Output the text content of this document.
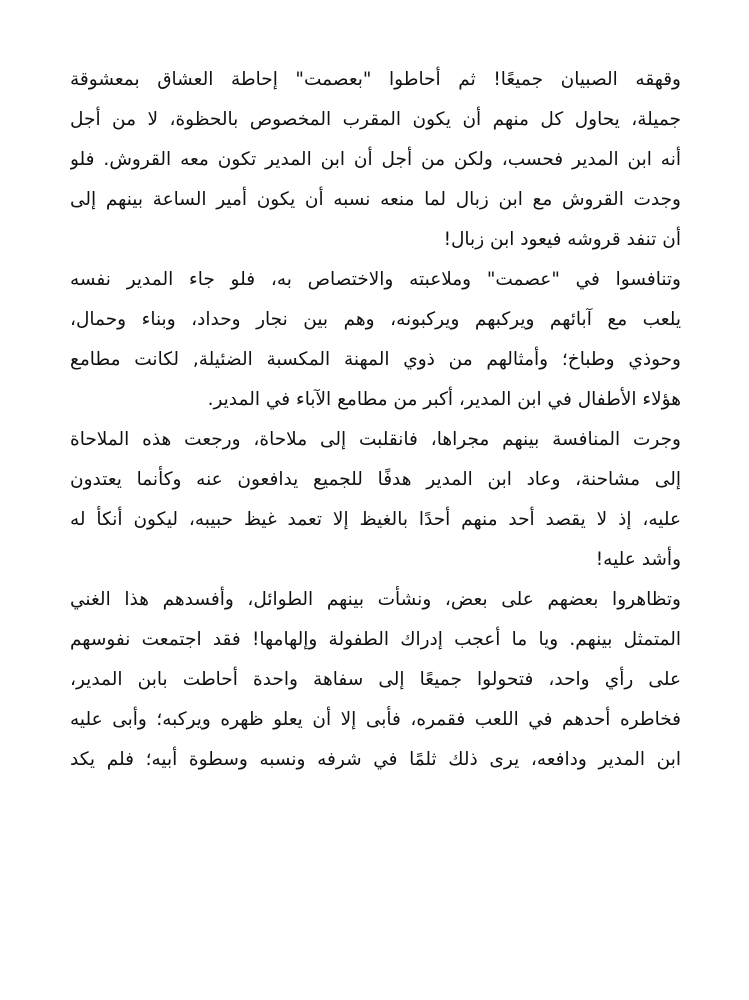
وقهقه الصبيان جميعًا! ثم أحاطوا "بعصمت" إحاطة العشاق بمعشوقة
جميلة، يحاول كل منهم أن يكون المقرب المخصوص بالحظوة، لا من أجل
أنه ابن المدير فحسب، ولكن من أجل أن ابن المدير تكون معه القروش. فلو
وجدت القروش مع ابن زبال لما منعه نسبه أن يكون أمير الساعة بينهم إلى
أن تنفد قروشه فيعود ابن زبال!

وتنافسوا في "عصمت" وملاعبته والاختصاص به، فلو جاء المدير نفسه
يلعب مع آبائهم ويركبهم ويركبونه، وهم بين نجار وحداد، وبناء وحمال،
وحوذي وطباخ؛ وأمثالهم من ذوي المهنة المكسبة الضئيلة, لكانت مطامع
هؤلاء الأطفال في ابن المدير، أكبر من مطامع الآباء في المدير.

وجرت المنافسة بينهم مجراها، فانقلبت إلى ملاحاة، ورجعت هذه الملاحاة
إلى مشاحنة، وعاد ابن المدير هدفًا للجميع يدافعون عنه وكأنما يعتدون
عليه، إذ لا يقصد أحد منهم أحدًا بالغيظ إلا تعمد غيظ حبيبه، ليكون أنكأ له
وأشد عليه!

وتظاهروا بعضهم على بعض، ونشأت بينهم الطوائل، وأفسدهم هذا الغني
المتمثل بينهم. ويا ما أعجب إدراك الطفولة وإلهامها! فقد اجتمعت نفوسهم
على رأي واحد، فتحولوا جميعًا إلى سفاهة واحدة أحاطت بابن المدير،
فخاطره أحدهم في اللعب فقمره، فأبى إلا أن يعلو ظهره ويركبه؛ وأبى عليه
ابن المدير ودافعه، يرى ذلك ثلمًا في شرفه ونسبه وسطوة أبيه؛ فلم يكد
